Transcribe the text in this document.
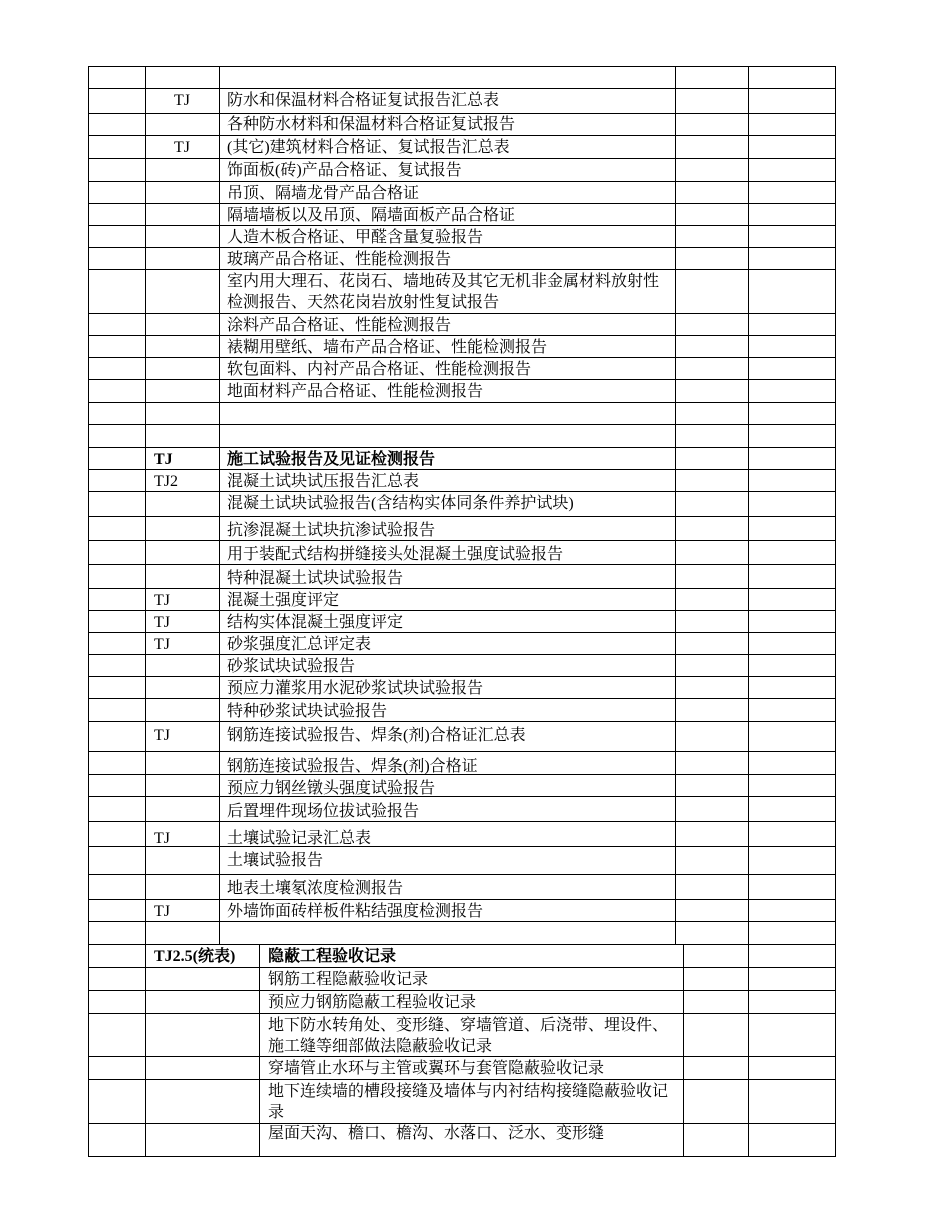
TJ	防水和保温材料合格证复试报告汇总表
各种防水材料和保温材料合格证复试报告
TJ	(其它)建筑材料合格证、复试报告汇总表
饰面板(砖)产品合格证、复试报告
吊顶、隔墙龙骨产品合格证
隔墙墙板以及吊顶、隔墙面板产品合格证
人造木板合格证、甲醛含量复验报告
玻璃产品合格证、性能检测报告
室内用大理石、花岗石、墙地砖及其它无机非金属材料放射性检测报告、天然花岗岩放射性复试报告
涂料产品合格证、性能检测报告
裱糊用壁纸、墙布产品合格证、性能检测报告
软包面料、内衬产品合格证、性能检测报告
地面材料产品合格证、性能检测报告
TJ	施工试验报告及见证检测报告
TJ2	混凝土试块试压报告汇总表
混凝土试块试验报告(含结构实体同条件养护试块)
抗渗混凝土试块抗渗试验报告
用于装配式结构拼缝接头处混凝土强度试验报告
特种混凝土试块试验报告
TJ	混凝土强度评定
TJ	结构实体混凝土强度评定
TJ	砂浆强度汇总评定表
砂浆试块试验报告
预应力灌浆用水泥砂浆试块试验报告
特种砂浆试块试验报告
TJ	钢筋连接试验报告、焊条(剂)合格证汇总表
钢筋连接试验报告、焊条(剂)合格证
预应力钢丝镦头强度试验报告
后置埋件现场位拔试验报告
TJ	土壤试验记录汇总表
土壤试验报告
地表土壤氡浓度检测报告
TJ	外墙饰面砖样板件粘结强度检测报告
TJ2.5(统表) 隐蔽工程验收记录
钢筋工程隐蔽验收记录
预应力钢筋隐蔽工程验收记录
地下防水转角处、变形缝、穿墙管道、后浇带、埋设件、施工缝等细部做法隐蔽验收记录
穿墙管止水环与主管或翼环与套管隐蔽验收记录
地下连续墙的槽段接缝及墙体与内衬结构接缝隐蔽验收记录
屋面天沟、檐口、檐沟、水落口、泛水、变形缝
